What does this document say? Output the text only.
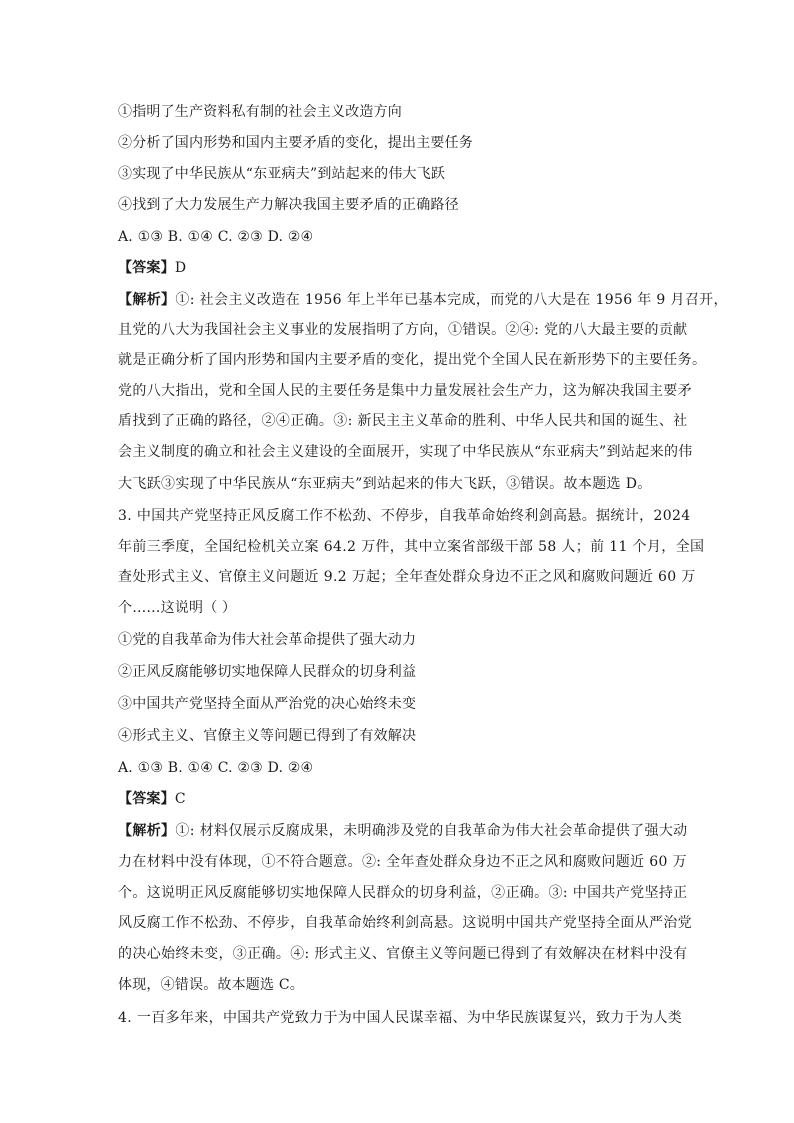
①指明了生产资料私有制的社会主义改造方向
②分析了国内形势和国内主要矛盾的变化，提出主要任务
③实现了中华民族从“东亚病夫”到站起来的伟大飞跃
④找到了大力发展生产力解决我国主要矛盾的正确路径
A. ①③ B. ①④ C. ②③ D. ②④
【答案】D
【解析】①: 社会主义改造在 1956 年上半年已基本完成，而党的八大是在 1956 年 9 月召开，
且党的八大为我国社会主义事业的发展指明了方向，①错误。②④: 党的八大最主要的贡献
就是正确分析了国内形势和国内主要矛盾的变化，提出党个全国人民在新形势下的主要任务。
党的八大指出，党和全国人民的主要任务是集中力量发展社会生产力，这为解决我国主要矛
盾找到了正确的路径，②④正确。③: 新民主主义革命的胜利、中华人民共和国的诞生、社
会主义制度的确立和社会主义建设的全面展开，实现了中华民族从“东亚病夫”到站起来的伟
大飞跃③实现了中华民族从“东亚病夫”到站起来的伟大飞跃，③错误。故本题选 D。
3. 中国共产党坚持正风反腐工作不松劲、不停步，自我革命始终利剑高悬。据统计，2024
年前三季度，全国纪检机关立案 64.2 万件，其中立案省部级干部 58 人；前 11 个月，全国
查处形式主义、官僚主义问题近 9.2 万起；全年查处群众身边不正之风和腐败问题近 60 万
个……这说明（ ）
①党的自我革命为伟大社会革命提供了强大动力
②正风反腐能够切实地保障人民群众的切身利益
③中国共产党坚持全面从严治党的决心始终未变
④形式主义、官僚主义等问题已得到了有效解决
A. ①③ B. ①④ C. ②③ D. ②④
【答案】C
【解析】①: 材料仅展示反腐成果，未明确涉及党的自我革命为伟大社会革命提供了强大动
力在材料中没有体现，①不符合题意。②: 全年查处群众身边不正之风和腐败问题近 60 万
个。这说明正风反腐能够切实地保障人民群众的切身利益，②正确。③: 中国共产党坚持正
风反腐工作不松劲、不停步，自我革命始终利剑高悬。这说明中国共产党坚持全面从严治党
的决心始终未变，③正确。④: 形式主义、官僚主义等问题已得到了有效解决在材料中没有
体现，④错误。故本题选 C。
4. 一百多年来，中国共产党致力于为中国人民谋幸福、为中华民族谋复兴，致力于为人类
